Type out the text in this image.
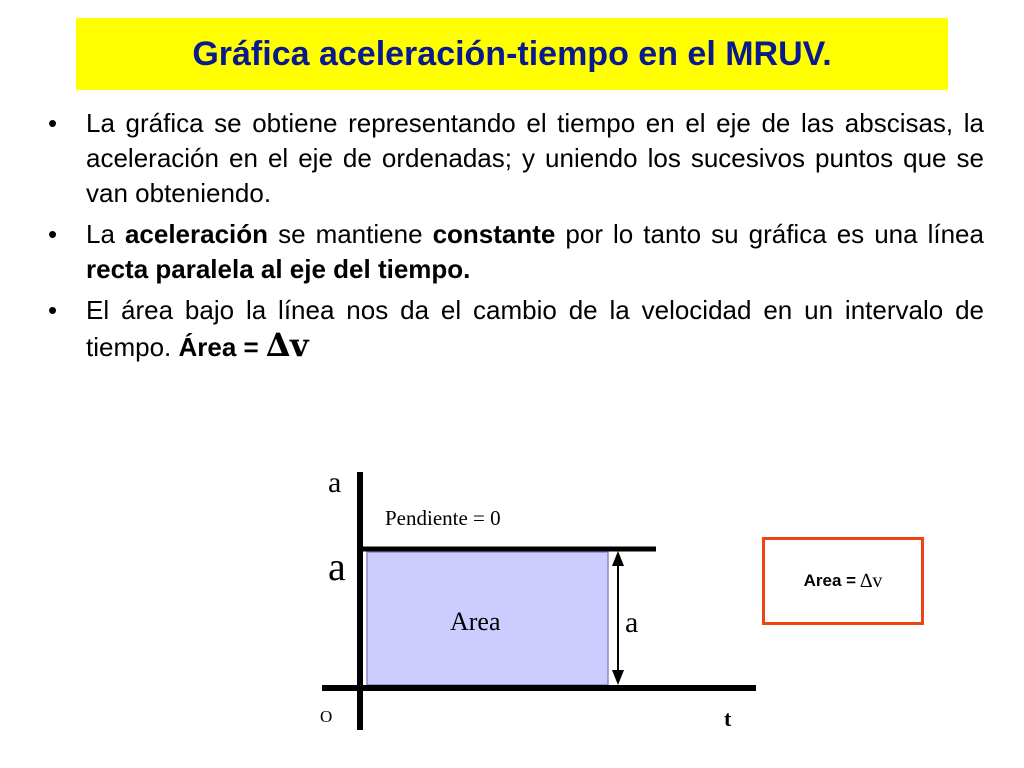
Gráfica aceleración-tiempo en el MRUV.
• La gráfica se obtiene representando el tiempo en el eje de las abscisas, la aceleración en el eje de ordenadas; y uniendo los sucesivos puntos que se van obteniendo.
• La aceleración se mantiene constante por lo tanto su gráfica es una línea recta paralela al eje del tiempo.
• El área bajo la línea nos da el cambio de la velocidad en un intervalo de tiempo. Área = ∆v
a
a
Pendiente = 0
Area	a
O	t
Area = ∆v
